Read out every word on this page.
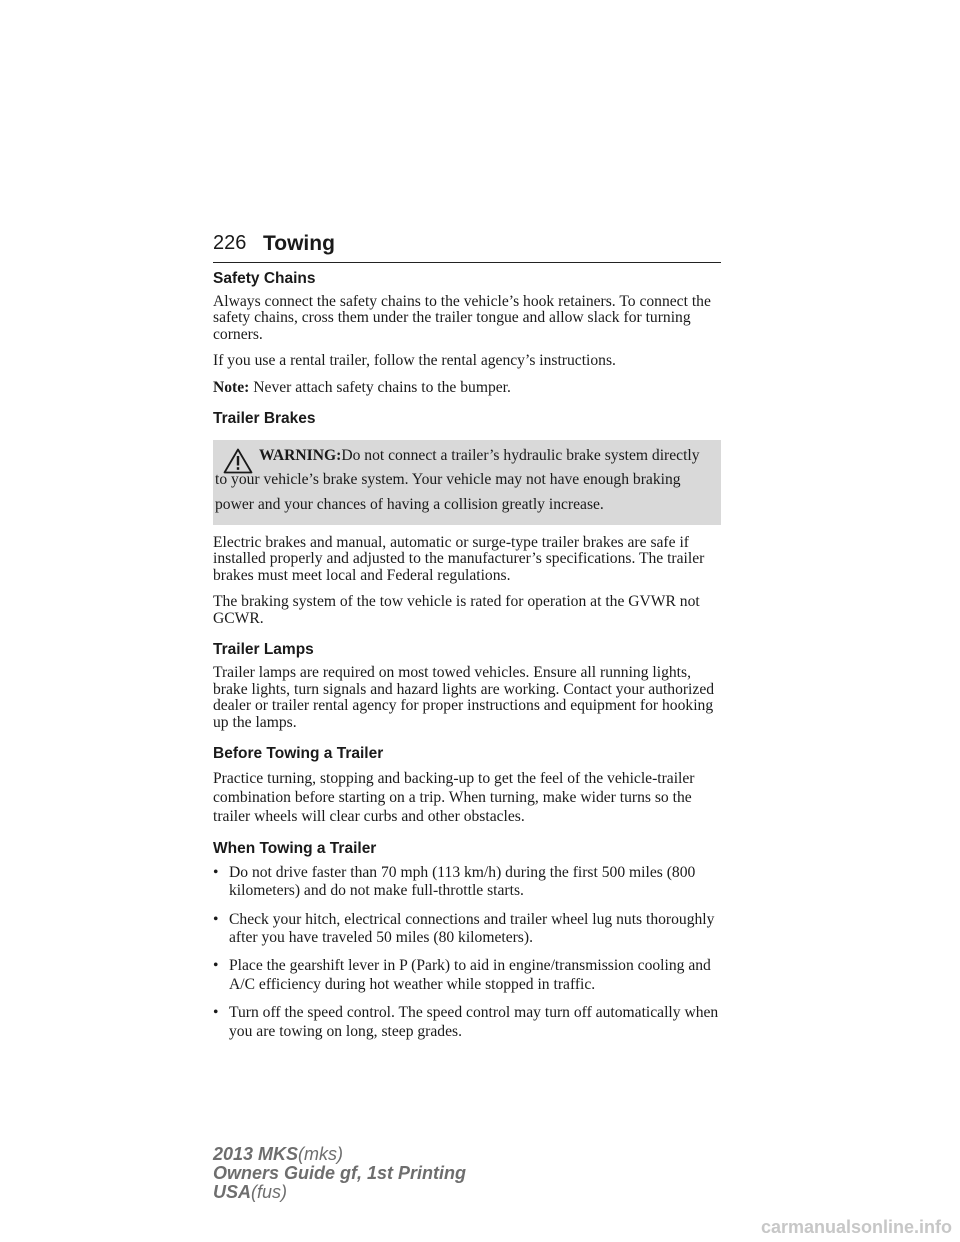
226 Towing
Safety Chains

Always connect the safety chains to the vehicle’s hook retainers. To connect the safety chains, cross them under the trailer tongue and allow slack for turning corners.

If you use a rental trailer, follow the rental agency’s instructions.

Note: Never attach safety chains to the bumper.

Trailer Brakes

WARNING:Do not connect a trailer’s hydraulic brake system directly to your vehicle’s brake system. Your vehicle may not have enough braking power and your chances of having a collision greatly increase.

Electric brakes and manual, automatic or surge-type trailer brakes are safe if installed properly and adjusted to the manufacturer’s specifications. The trailer brakes must meet local and Federal regulations.

The braking system of the tow vehicle is rated for operation at the GVWR not GCWR.

Trailer Lamps

Trailer lamps are required on most towed vehicles. Ensure all running lights, brake lights, turn signals and hazard lights are working. Contact your authorized dealer or trailer rental agency for proper instructions and equipment for hooking up the lamps.

Before Towing a Trailer

Practice turning, stopping and backing-up to get the feel of the vehicle-trailer combination before starting on a trip. When turning, make wider turns so the trailer wheels will clear curbs and other obstacles.

When Towing a Trailer
• Do not drive faster than 70 mph (113 km/h) during the first 500 miles (800 kilometers) and do not make full-throttle starts.
• Check your hitch, electrical connections and trailer wheel lug nuts thoroughly after you have traveled 50 miles (80 kilometers).
• Place the gearshift lever in P (Park) to aid in engine/transmission cooling and A/C efficiency during hot weather while stopped in traffic.
• Turn off the speed control. The speed control may turn off automatically when you are towing on long, steep grades.
2013 MKS(mks)
Owners Guide gf, 1st Printing
USA(fus)
carmanualsonline.info
